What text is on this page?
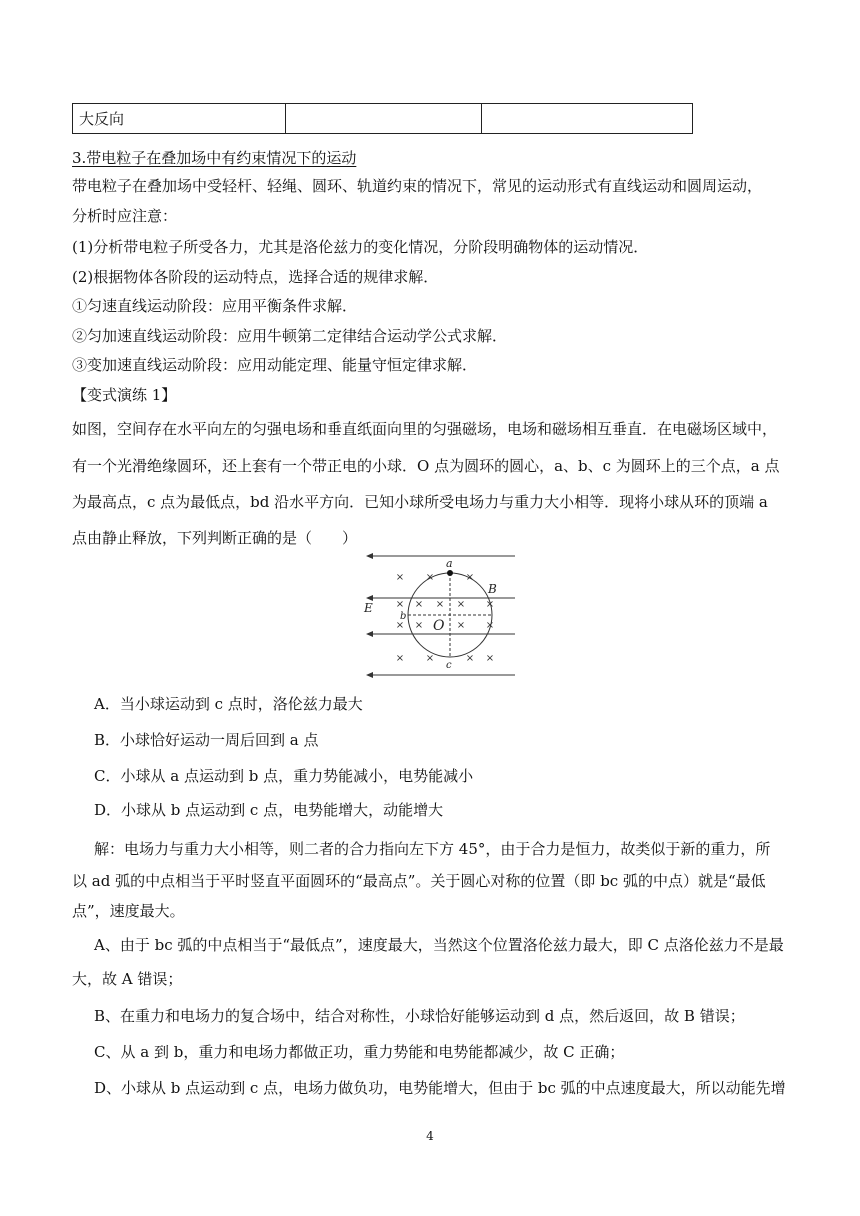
大反向		
3.带电粒子在叠加场中有约束情况下的运动
带电粒子在叠加场中受轻杆、轻绳、圆环、轨道约束的情况下，常见的运动形式有直线运动和圆周运动，
分析时应注意：
(1)分析带电粒子所受各力，尤其是洛伦兹力的变化情况，分阶段明确物体的运动情况．
(2)根据物体各阶段的运动特点，选择合适的规律求解．
①匀速直线运动阶段：应用平衡条件求解．
②匀加速直线运动阶段：应用牛顿第二定律结合运动学公式求解．
③变加速直线运动阶段：应用动能定理、能量守恒定律求解．
【变式演练 1】
如图，空间存在水平向左的匀强电场和垂直纸面向里的匀强磁场，电场和磁场相互垂直．在电磁场区域中，
有一个光滑绝缘圆环，还上套有一个带正电的小球．O 点为圆环的圆心，a、b、c 为圆环上的三个点，a 点
为最高点，c 点为最低点，bd 沿水平方向．已知小球所受电场力与重力大小相等．现将小球从环的顶端 a
点由静止释放，下列判断正确的是（　　）
× ×	×
× × × × ×
× ×	× ×
× ×	× ×
a
B
E
b
O
c
A．当小球运动到 c 点时，洛伦兹力最大
B．小球恰好运动一周后回到 a 点
C．小球从 a 点运动到 b 点，重力势能减小，电势能减小
D．小球从 b 点运动到 c 点，电势能增大，动能增大
解：电场力与重力大小相等，则二者的合力指向左下方 45°，由于合力是恒力，故类似于新的重力，所
以 ad 弧的中点相当于平时竖直平面圆环的“最高点”。关于圆心对称的位置（即 bc 弧的中点）就是“最低
点”，速度最大。
A、由于 bc 弧的中点相当于“最低点”，速度最大，当然这个位置洛伦兹力最大，即 C 点洛伦兹力不是最
大，故 A 错误；
B、在重力和电场力的复合场中，结合对称性，小球恰好能够运动到 d 点，然后返回，故 B 错误；
C、从 a 到 b，重力和电场力都做正功，重力势能和电势能都减少，故 C 正确；
D、小球从 b 点运动到 c 点，电场力做负功，电势能增大，但由于 bc 弧的中点速度最大，所以动能先增
4
